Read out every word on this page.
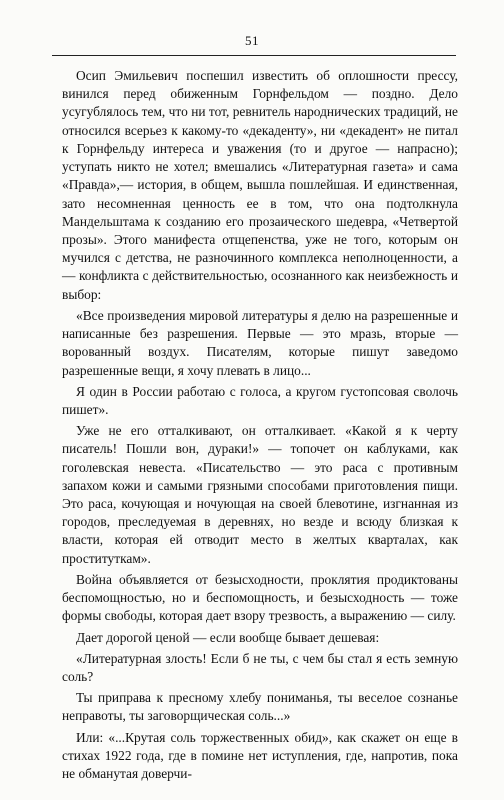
51

Осип Эмильевич поспешил известить об оплошности прессу, винился перед обиженным Горнфельдом — поздно. Дело усугублялось тем, что ни тот, ревнитель народнических традиций, не относился всерьез к какому-то «декаденту», ни «декадент» не питал к Горнфельду интереса и уважения (то и другое — напрасно); уступать никто не хотел; вмешались «Литературная газета» и сама «Правда»,— история, в общем, вышла пошлейшая. И единственная, зато несомненная ценность ее в том, что она подтолкнула Мандельштама к созданию его прозаического шедевра, «Четвертой прозы». Этого манифеста отщепенства, уже не того, которым он мучился с детства, не разночинного комплекса неполноценности, а — конфликта с действительностью, осознанного как неизбежность и выбор:

«Все произведения мировой литературы я делю на разрешенные и написанные без разрешения. Первые — это мразь, вторые — ворованный воздух. Писателям, которые пишут заведомо разрешенные вещи, я хочу плевать в лицо...

Я один в России работаю с голоса, а кругом густопсовая сволочь пишет».

Уже не его отталкивают, он отталкивает. «Какой я к черту писатель! Пошли вон, дураки!» — топочет он каблуками, как гоголевская невеста. «Писательство — это раса с противным запахом кожи и самыми грязными способами приготовления пищи. Это раса, кочующая и ночующая на своей блевотине, изгнанная из городов, преследуемая в деревнях, но везде и всюду близкая к власти, которая ей отводит место в желтых кварталах, как проституткам».

Война объявляется от безысходности, проклятия продиктованы беспомощностью, но и беспомощность, и безысходность — тоже формы свободы, которая дает взору трезвость, а выражению — силу.

Дает дорогой ценой — если вообще бывает дешевая:

«Литературная злость! Если б не ты, с чем бы стал я есть земную соль?

Ты приправа к пресному хлебу пониманья, ты веселое сознанье неправоты, ты заговорщическая соль...»

Или: «...Крутая соль торжественных обид», как скажет он еще в стихах 1922 года, где в помине нет иступления, где, напротив, пока не обманутая доверчи-
